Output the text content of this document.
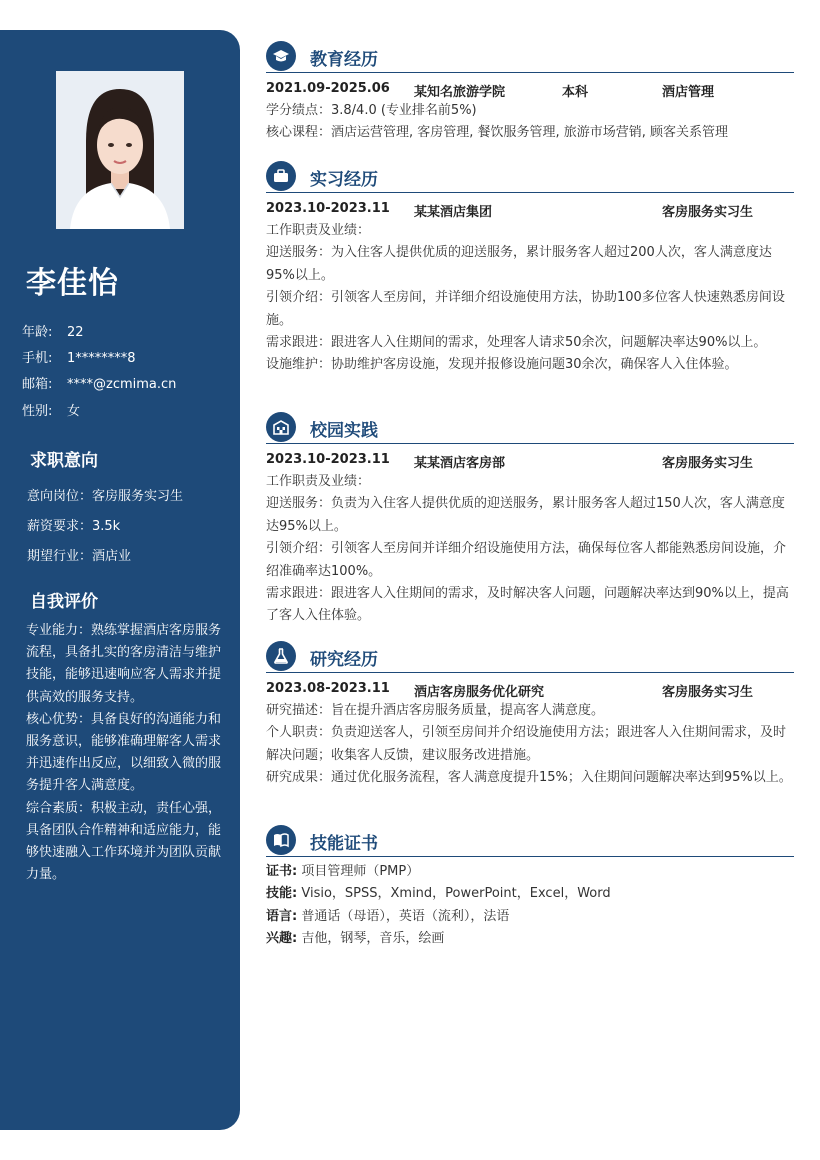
李佳怡
年龄: 22
手机: 1********8
邮箱: ****@zcmima.cn
性别: 女
求职意向
意向岗位：客房服务实习生
薪资要求：3.5k
期望行业：酒店业
自我评价

专业能力：熟练掌握酒店客房服务流程，具备扎实的客房清洁与维护技能，能够迅速响应客人需求并提供高效的服务支持。

核心优势：具备良好的沟通能力和服务意识，能够准确理解客人需求并迅速作出反应，以细致入微的服务提升客人满意度。

综合素质：积极主动，责任心强，具备团队合作精神和适应能力，能够快速融入工作环境并为团队贡献力量。

教育经历
2021.09-2025.06 某知名旅游学院	本科	酒店管理

学分绩点：3.8/4.0 (专业排名前5%)

核心课程：酒店运营管理, 客房管理, 餐饮服务管理, 旅游市场营销, 顾客关系管理

实习经历
2023.10-2023.11 某某酒店集团	客房服务实习生

工作职责及业绩：

迎送服务：为入住客人提供优质的迎送服务，累计服务客人超过200人次，客人满意度达95%以上。

引领介绍：引领客人至房间，并详细介绍设施使用方法，协助100多位客人快速熟悉房间设施。

需求跟进：跟进客人入住期间的需求，处理客人请求50余次，问题解决率达90%以上。

设施维护：协助维护客房设施，发现并报修设施问题30余次，确保客人入住体验。

校园实践
2023.10-2023.11 某某酒店客房部	客房服务实习生

工作职责及业绩：

迎送服务：负责为入住客人提供优质的迎送服务，累计服务客人超过150人次，客人满意度达95%以上。

引领介绍：引领客人至房间并详细介绍设施使用方法，确保每位客人都能熟悉房间设施，介绍准确率达100%。

需求跟进：跟进客人入住期间的需求，及时解决客人问题，问题解决率达到90%以上，提高了客人入住体验。

研究经历
2023.08-2023.11 酒店客房服务优化研究	客房服务实习生

研究描述：旨在提升酒店客房服务质量，提高客人满意度。

个人职责：负责迎送客人，引领至房间并介绍设施使用方法；跟进客人入住期间需求，及时解决问题；收集客人反馈，建议服务改进措施。

研究成果：通过优化服务流程，客人满意度提升15%；入住期间问题解决率达到95%以上。

技能证书
证书: 项目管理师（PMP）
技能: Visio，SPSS，Xmind，PowerPoint，Excel，Word
语言: 普通话（母语），英语（流利），法语
兴趣: 吉他，钢琴，音乐，绘画
